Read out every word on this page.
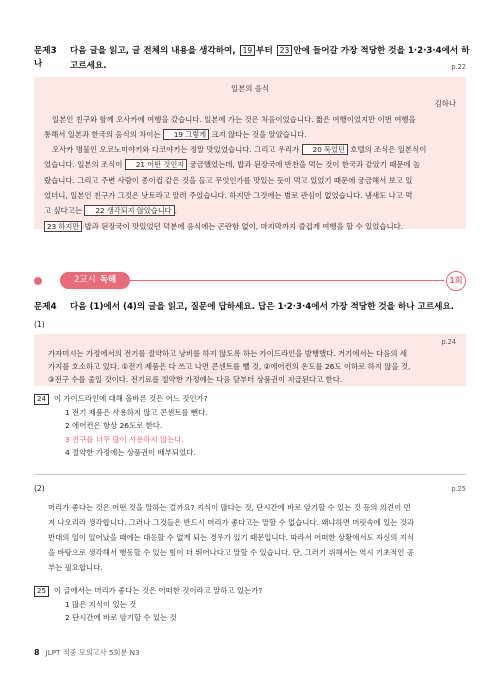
문제3 다음 글을 읽고, 글 전체의 내용을 생각하여, 19 부터 23 안에 들어갈 가장 적당한 것을 1·2·3·4에서 하나	고르세요.	p.22
일본의 음식
김하나

일본인 친구와 함께 오사카에 여행을 갔습니다. 일본에 가는 것은 처음이었습니다. 짧은 여행이었지만 이번 여행을
통해서 일본과 한국의 음식의 차이는 19 그렇게 크지 않다는 것을 알았습니다.

오사카 명물인 오코노미야키와 다코야키는 정말 맛있었습니다. 그리고 우리가 20 묵었던 호텔의 조식은 일본식이
었습니다. 일본의 조식이 21 어떤 것인지 궁금했었는데, 밥과 된장국에 반찬을 먹는 것이 한국과 같았기 때문에 놀
랐습니다. 그리고 주변 사람이 종이컵 같은 것을 들고 무엇인가를 맛있는 듯이 먹고 있었기 때문에 궁금해서 보고 있
었더니, 일본인 친구가 그것은 낫토라고 알려 주었습니다. 하지만 그것에는 별로 관심이 없었습니다. 냄새도 나고 먹
고 싶다고는 22 생각되지 않았습니다 .

23 하지만 밥과 된장국이 맛있었던 덕분에 음식에는 곤란함 없이, 마지막까지 즐겁게 여행을 할 수 있었습니다.
2교시 독해	1회
문제4 다음 (1)에서 (4)의 글을 읽고, 질문에 답하세요. 답은 1·2·3·4에서 가장 적당한 것을 하나 고르세요.
(1)
p.24
가자미시는 가정에서의 전기를 절약하고 낭비를 하지 않도록 하는 가이드라인을 발행했다. 거기에서는 다음의 세
가지를 호소하고 있다. ①전기 제품은 다 쓰고 나면 콘센트를 뺄 것, ②에어컨의 온도를 26도 이하로 하지 않을 것,
③전구 수를 줄일 것이다. 전기료를 절약한 가정에는 다음 달부터 상품권이 지급된다고 한다.
24 이 가이드라인에 대해 올바른 것은 어느 것인가?
1 전기 제품은 사용하지 않고 콘센트를 뺀다.
2 에어컨은 항상 26도로 한다.
3 전구를 너무 많이 사용하지 않는다.
4 절약한 가정에는 상품권이 배부되었다.
(2)	p.25
머리가 좋다는 것은 어떤 것을 말하는 걸까요? 지식이 많다는 것, 단시간에 바로 암기할 수 있는 것 등의 의견이 먼
저 나오리라 생각합니다. 그러나 그것들은 반드시 머리가 좋다고는 말할 수 없습니다. 왜냐하면 머릿속에 있는 것과
반대의 일이 일어났을 때에는 대응할 수 없게 되는 경우가 있기 때문입니다. 따라서 어떠한 상황에서도 자신의 지식
을 바탕으로 생각해서 행동할 수 있는 힘이 더 뛰어나다고 말할 수 있습니다. 단, 그러기 위해서는 역시 기초적인 공
부는 필요합니다.
25 이 글에서는 머리가 좋다는 것은 어떠한 것이라고 말하고 있는가?
1 많은 지식이 있는 것
2 단시간에 바로 암기할 수 있는 것
8 JLPT 적중 모의고사 5회분 N3
